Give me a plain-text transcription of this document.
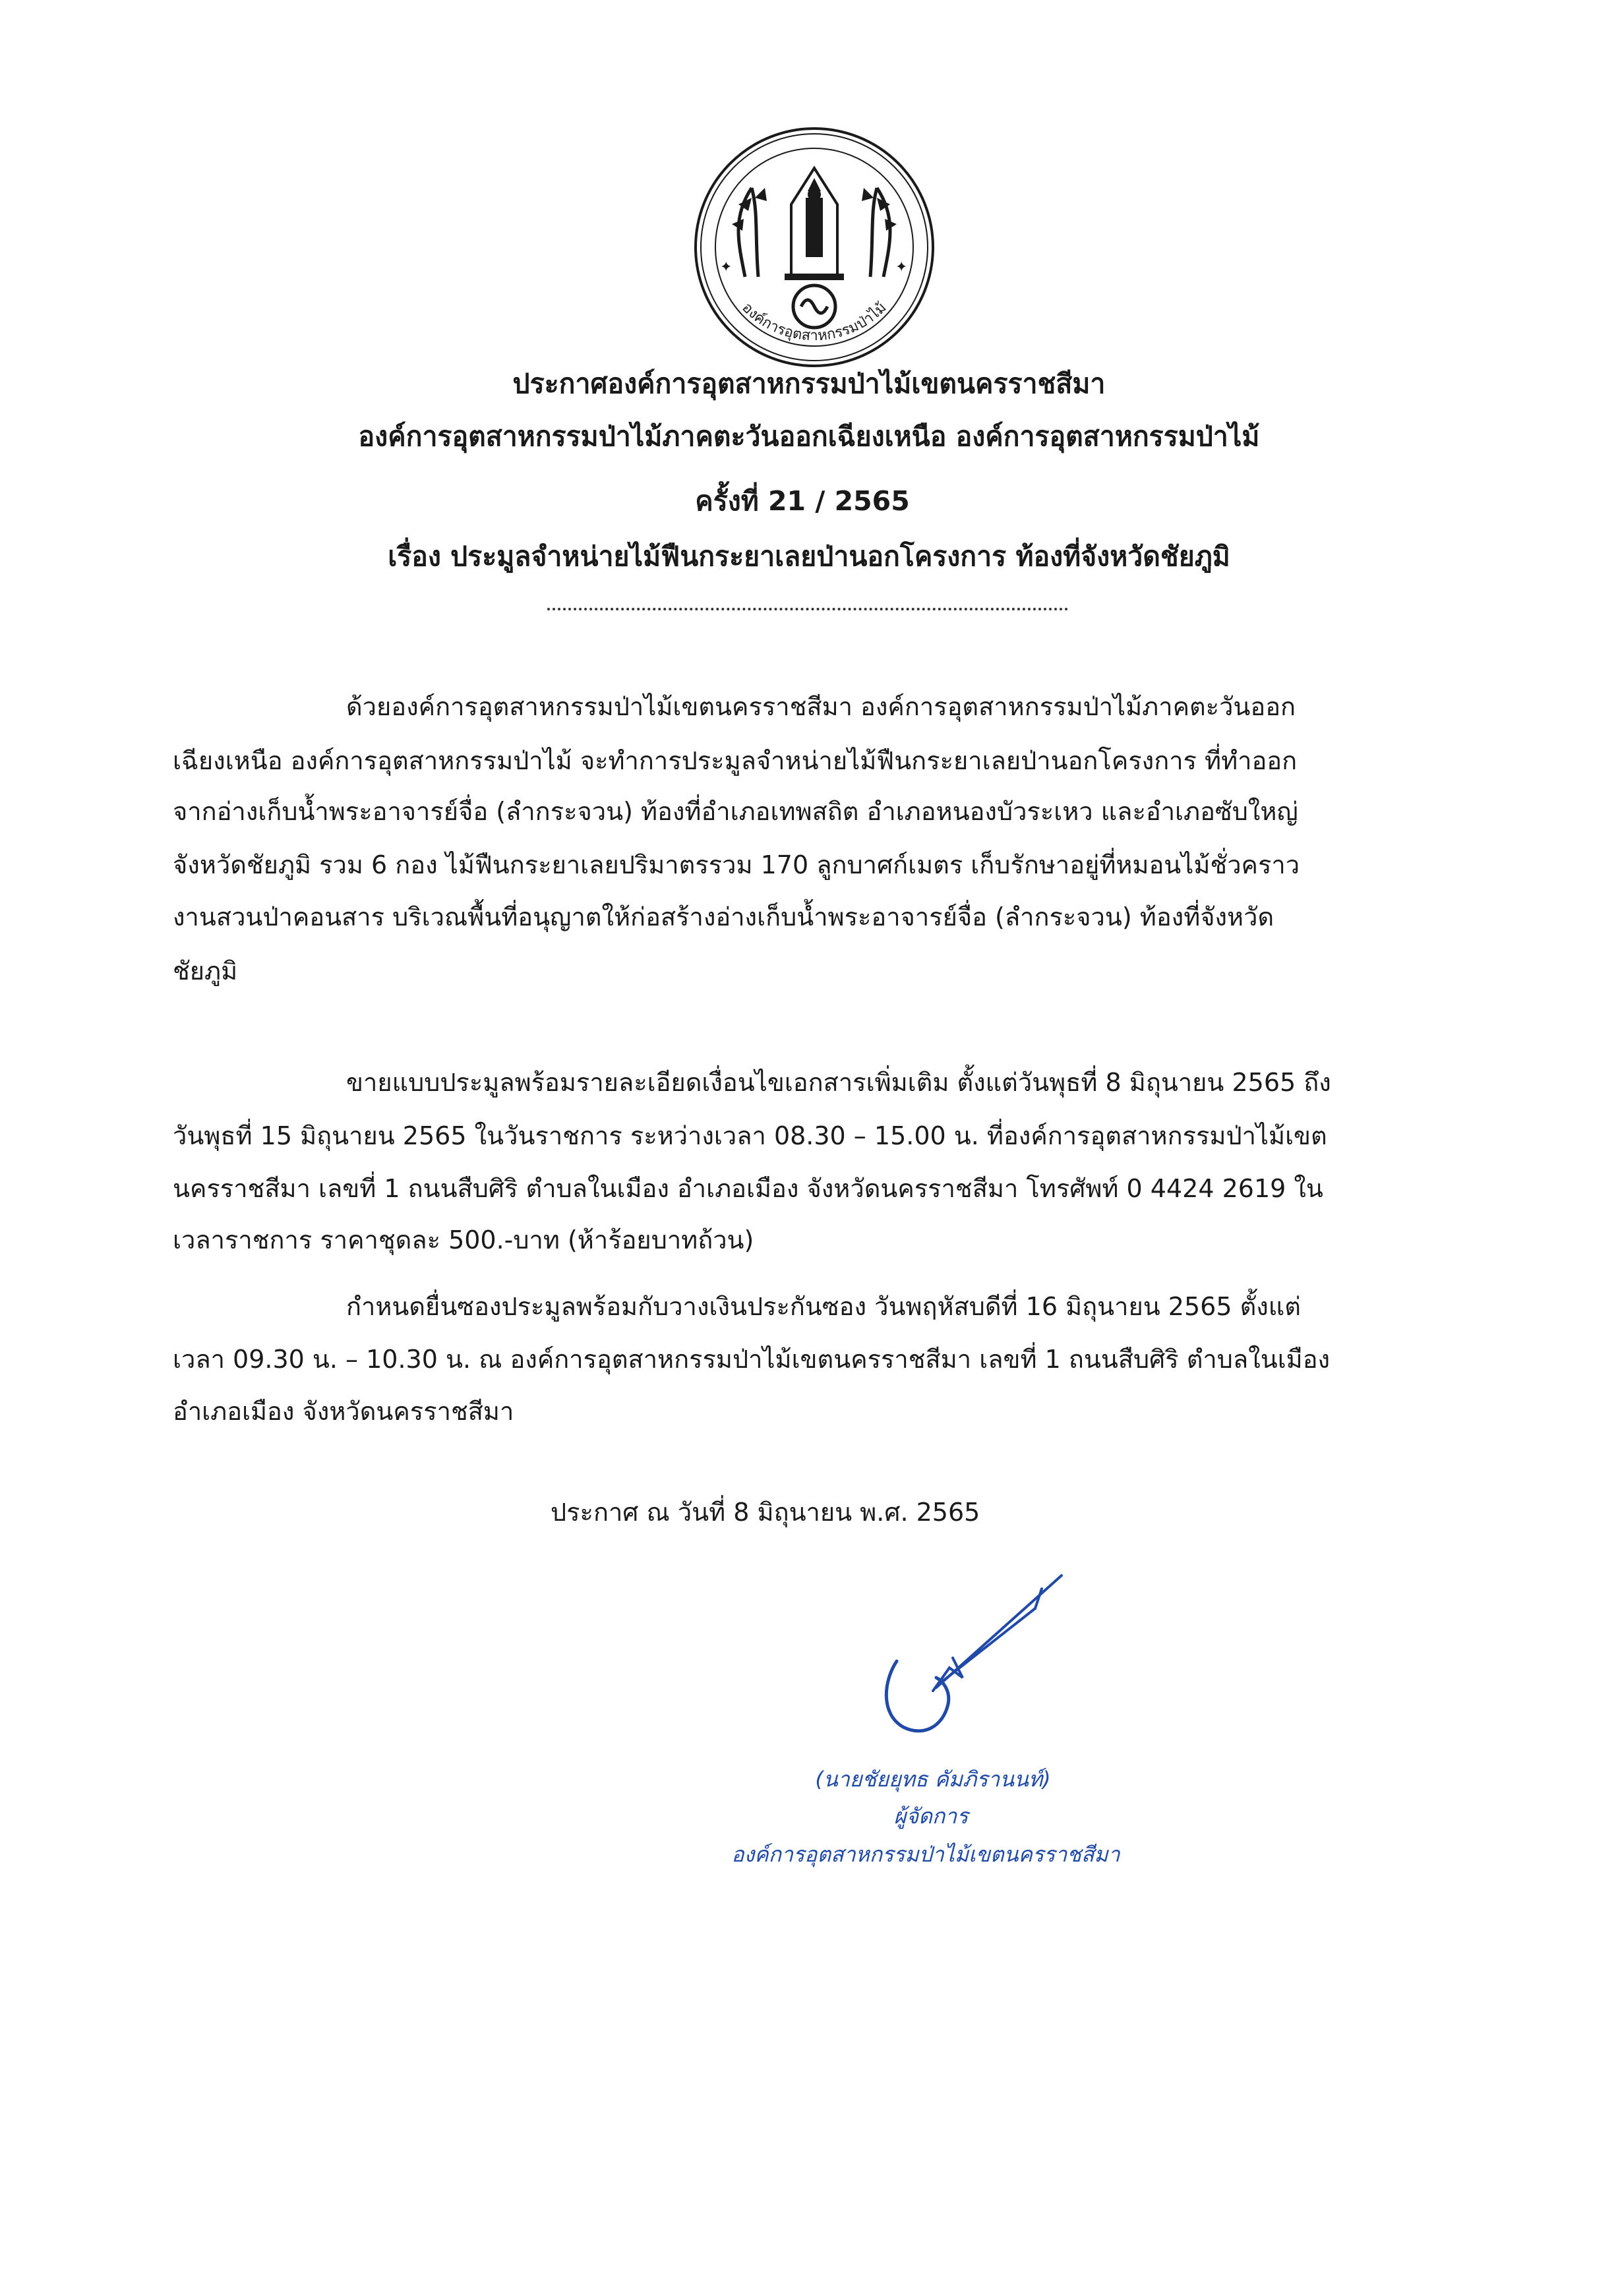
✦	✦
องค์การอุตสาหกรรมป่าไม้
ประกาศองค์การอุตสาหกรรมป่าไม้เขตนครราชสีมา
องค์การอุตสาหกรรมป่าไม้ภาคตะวันออกเฉียงเหนือ องค์การอุตสาหกรรมป่าไม้
ครั้งที่ 21 / 2565
เรื่อง ประมูลจำหน่ายไม้ฟืนกระยาเลยป่านอกโครงการ ท้องที่จังหวัดชัยภูมิ
ด้วยองค์การอุตสาหกรรมป่าไม้เขตนครราชสีมา องค์การอุตสาหกรรมป่าไม้ภาคตะวันออก
เฉียงเหนือ องค์การอุตสาหกรรมป่าไม้ จะทำการประมูลจำหน่ายไม้ฟืนกระยาเลยป่านอกโครงการ ที่ทำออก
จากอ่างเก็บน้ำพระอาจารย์จื่อ (ลำกระจวน) ท้องที่อำเภอเทพสถิต อำเภอหนองบัวระเหว และอำเภอซับใหญ่
จังหวัดชัยภูมิ รวม 6 กอง ไม้ฟืนกระยาเลยปริมาตรรวม 170 ลูกบาศก์เมตร เก็บรักษาอยู่ที่หมอนไม้ชั่วคราว
งานสวนป่าคอนสาร บริเวณพื้นที่อนุญาตให้ก่อสร้างอ่างเก็บน้ำพระอาจารย์จื่อ (ลำกระจวน) ท้องที่จังหวัด
ชัยภูมิ
ขายแบบประมูลพร้อมรายละเอียดเงื่อนไขเอกสารเพิ่มเติม ตั้งแต่วันพุธที่ 8 มิถุนายน 2565 ถึง
วันพุธที่ 15 มิถุนายน 2565 ในวันราชการ ระหว่างเวลา 08.30 – 15.00 น. ที่องค์การอุตสาหกรรมป่าไม้เขต
นครราชสีมา เลขที่ 1 ถนนสืบศิริ ตำบลในเมือง อำเภอเมือง จังหวัดนครราชสีมา โทรศัพท์ 0 4424 2619 ใน
เวลาราชการ ราคาชุดละ 500.-บาท (ห้าร้อยบาทถ้วน)
กำหนดยื่นซองประมูลพร้อมกับวางเงินประกันซอง วันพฤหัสบดีที่ 16 มิถุนายน 2565 ตั้งแต่
เวลา 09.30 น. – 10.30 น. ณ องค์การอุตสาหกรรมป่าไม้เขตนครราชสีมา เลขที่ 1 ถนนสืบศิริ ตำบลในเมือง
อำเภอเมือง จังหวัดนครราชสีมา
ประกาศ ณ วันที่ 8 มิถุนายน พ.ศ. 2565
(นายชัยยุทธ คัมภิรานนท์)
ผู้จัดการ
องค์การอุตสาหกรรมป่าไม้เขตนครราชสีมา
